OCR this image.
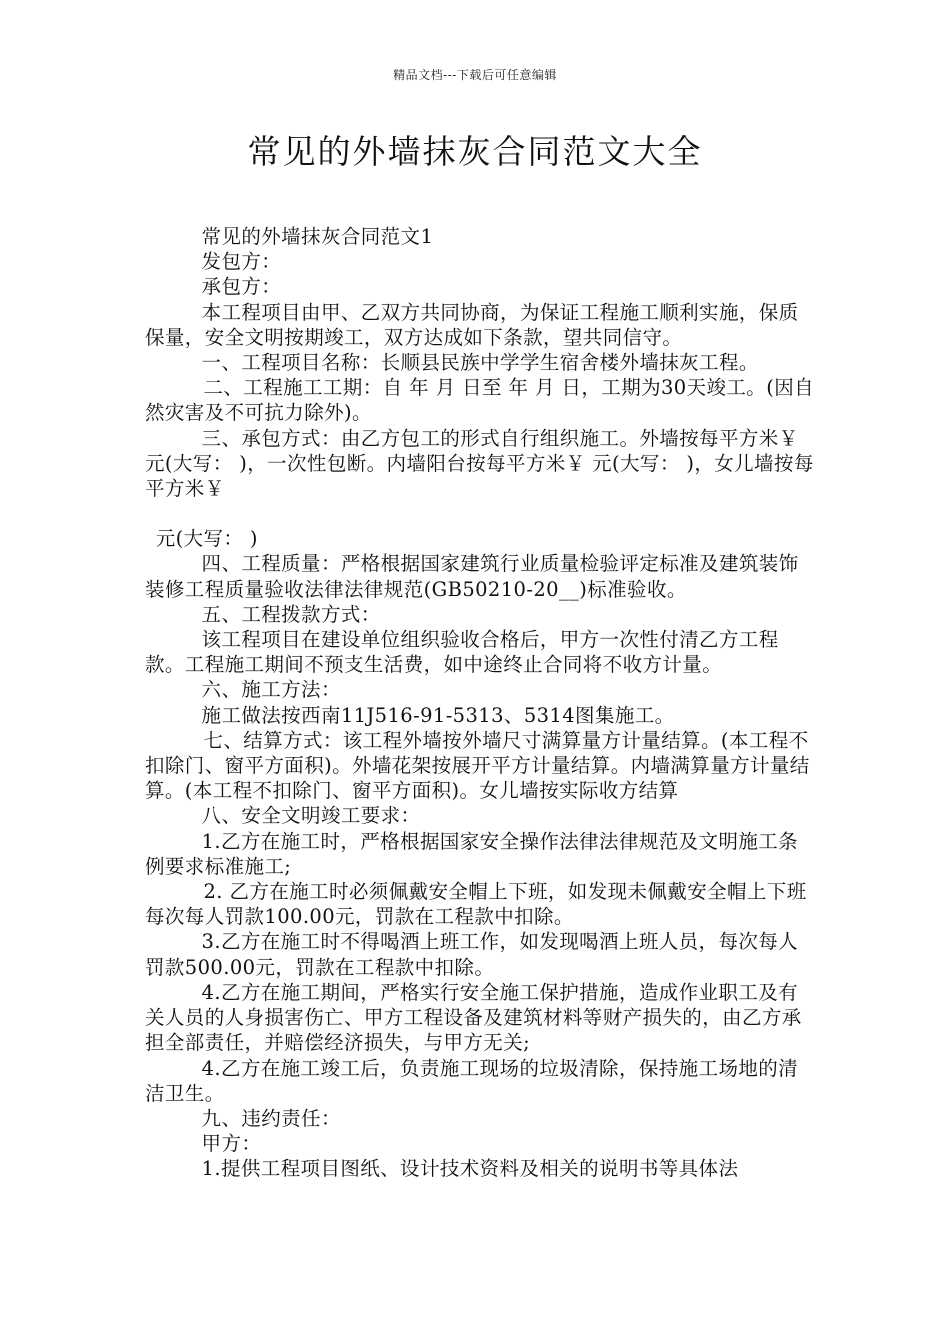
精品文档---下载后可任意编辑
常见的外墙抹灰合同范文大全

常见的外墙抹灰合同范文1

发包方：

承包方：

本工程项目由甲、乙双方共同协商，为保证工程施工顺利实施，保质保量，安全文明按期竣工，双方达成如下条款，望共同信守。

一、工程项目名称：长顺县民族中学学生宿舍楼外墙抹灰工程。

二、工程施工工期：自 年 月 日至 年 月 日，工期为30天竣工。(因自然灾害及不可抗力除外)。

三、承包方式：由乙方包工的形式自行组织施工。外墙按每平方米￥ 元(大写： )，一次性包断。内墙阳台按每平方米￥ 元(大写： )，女儿墙按每平方米￥

元(大写： )

四、工程质量：严格根据国家建筑行业质量检验评定标准及建筑装饰装修工程质量验收法律法律规范(GB50210-20__)标准验收。

五、工程拨款方式：

该工程项目在建设单位组织验收合格后，甲方一次性付清乙方工程款。工程施工期间不预支生活费，如中途终止合同将不收方计量。

六、施工方法：

施工做法按西南11J516-91-5313、5314图集施工。

七、结算方式：该工程外墙按外墙尺寸满算量方计量结算。(本工程不扣除门、窗平方面积)。外墙花架按展开平方计量结算。内墙满算量方计量结算。(本工程不扣除门、窗平方面积)。女儿墙按实际收方结算

八、安全文明竣工要求：

1.乙方在施工时，严格根据国家安全操作法律法律规范及文明施工条例要求标准施工;

2. 乙方在施工时必须佩戴安全帽上下班，如发现未佩戴安全帽上下班每次每人罚款100.00元，罚款在工程款中扣除。

3.乙方在施工时不得喝酒上班工作，如发现喝酒上班人员，每次每人罚款500.00元，罚款在工程款中扣除。

4.乙方在施工期间，严格实行安全施工保护措施，造成作业职工及有关人员的人身损害伤亡、甲方工程设备及建筑材料等财产损失的，由乙方承担全部责任，并赔偿经济损失，与甲方无关;

4.乙方在施工竣工后，负责施工现场的垃圾清除，保持施工场地的清洁卫生。

九、违约责任：

甲方：

1.提供工程项目图纸、设计技术资料及相关的说明书等具体法
